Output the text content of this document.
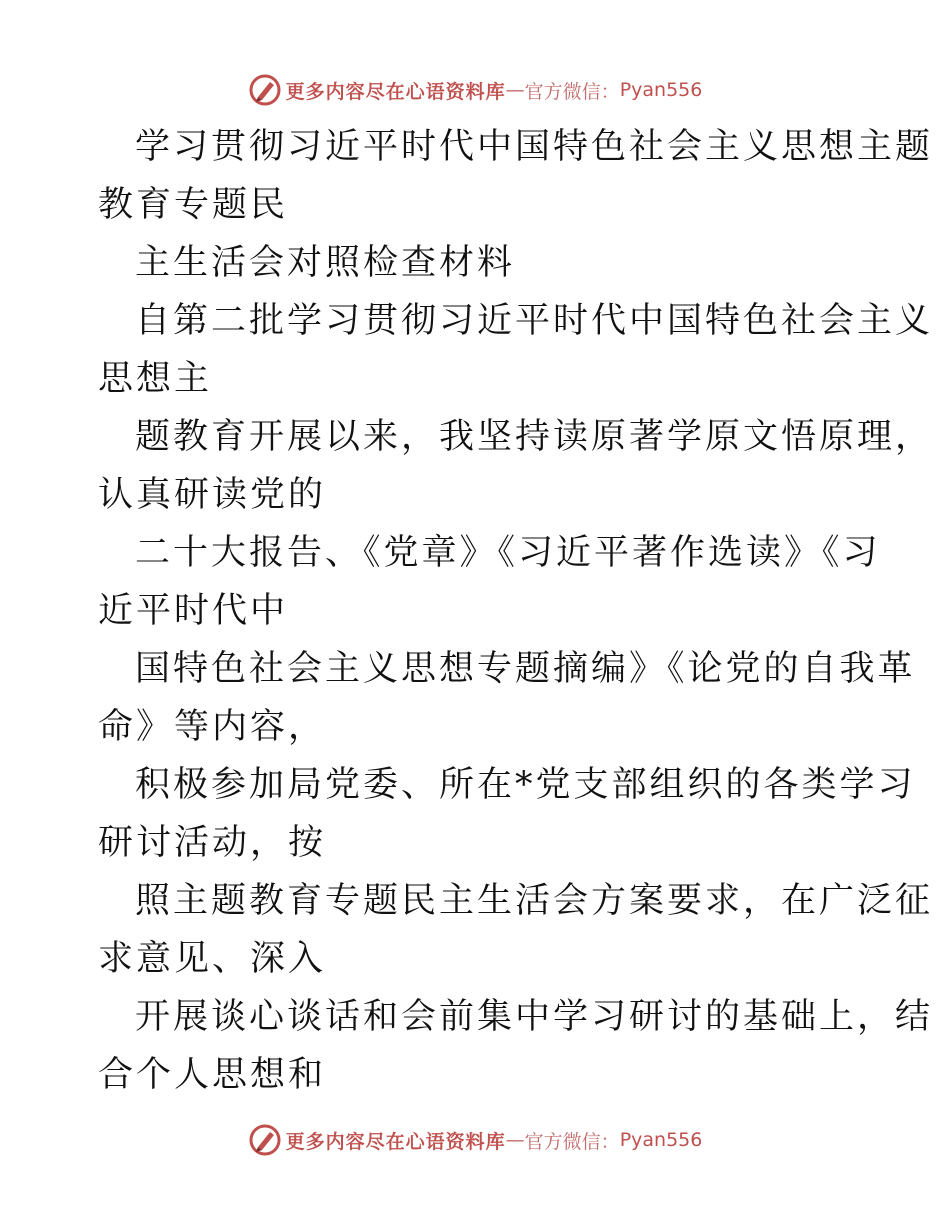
更多内容尽在心语资料库 — 官方微信： Pyan556
学习贯彻习近平时代中国特色社会主义思想主题
教育专题民
主生活会对照检查材料
自第二批学习贯彻习近平时代中国特色社会主义
思想主
题教育开展以来，我坚持读原著学原文悟原理，
认真研读党的
二十大报告、《党章》《习近平著作选读》《习
近平时代中
国特色社会主义思想专题摘编》《论党的自我革
命》等内容，
积极参加局党委、所在*党支部组织的各类学习
研讨活动，按
照主题教育专题民主生活会方案要求，在广泛征
求意见、深入
开展谈心谈话和会前集中学习研讨的基础上，结
合个人思想和
更多内容尽在心语资料库 — 官方微信： Pyan556
